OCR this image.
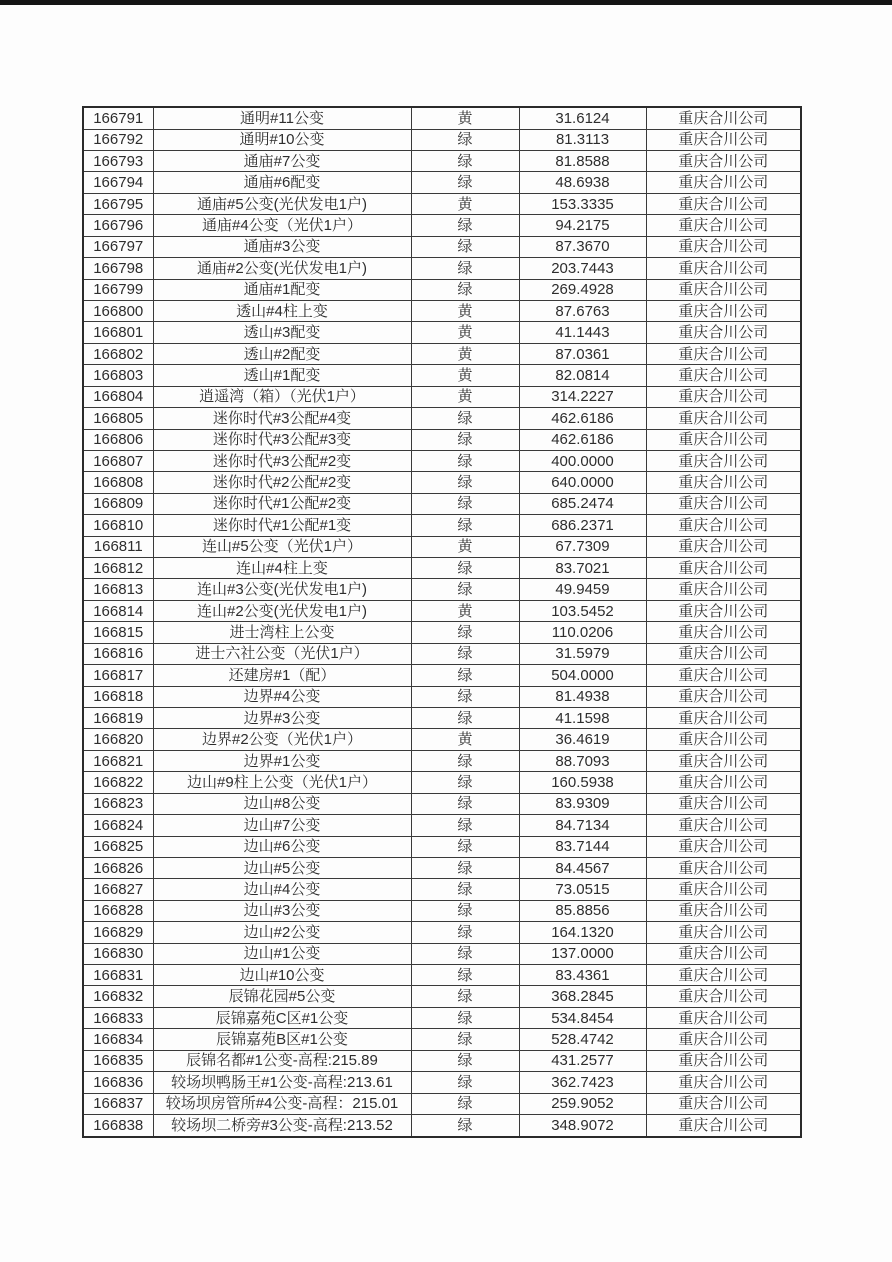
166791	通明#11公变	黄	31.6124	重庆合川公司
166792	通明#10公变	绿	81.3113	重庆合川公司
166793	通庙#7公变	绿	81.8588	重庆合川公司
166794	通庙#6配变	绿	48.6938	重庆合川公司
166795	通庙#5公变(光伏发电1户)	黄	153.3335	重庆合川公司
166796	通庙#4公变（光伏1户）	绿	94.2175	重庆合川公司
166797	通庙#3公变	绿	87.3670	重庆合川公司
166798	通庙#2公变(光伏发电1户)	绿	203.7443	重庆合川公司
166799	通庙#1配变	绿	269.4928	重庆合川公司
166800	透山#4柱上变	黄	87.6763	重庆合川公司
166801	透山#3配变	黄	41.1443	重庆合川公司
166802	透山#2配变	黄	87.0361	重庆合川公司
166803	透山#1配变	黄	82.0814	重庆合川公司
166804	逍遥湾（箱）（光伏1户）	黄	314.2227	重庆合川公司
166805	迷你时代#3公配#4变	绿	462.6186	重庆合川公司
166806	迷你时代#3公配#3变	绿	462.6186	重庆合川公司
166807	迷你时代#3公配#2变	绿	400.0000	重庆合川公司
166808	迷你时代#2公配#2变	绿	640.0000	重庆合川公司
166809	迷你时代#1公配#2变	绿	685.2474	重庆合川公司
166810	迷你时代#1公配#1变	绿	686.2371	重庆合川公司
166811	连山#5公变（光伏1户）	黄	67.7309	重庆合川公司
166812	连山#4柱上变	绿	83.7021	重庆合川公司
166813	连山#3公变(光伏发电1户)	绿	49.9459	重庆合川公司
166814	连山#2公变(光伏发电1户)	黄	103.5452	重庆合川公司
166815	进士湾柱上公变	绿	110.0206	重庆合川公司
166816	进士六社公变（光伏1户）	绿	31.5979	重庆合川公司
166817	还建房#1（配）	绿	504.0000	重庆合川公司
166818	边界#4公变	绿	81.4938	重庆合川公司
166819	边界#3公变	绿	41.1598	重庆合川公司
166820	边界#2公变（光伏1户）	黄	36.4619	重庆合川公司
166821	边界#1公变	绿	88.7093	重庆合川公司
166822	边山#9柱上公变（光伏1户）	绿	160.5938	重庆合川公司
166823	边山#8公变	绿	83.9309	重庆合川公司
166824	边山#7公变	绿	84.7134	重庆合川公司
166825	边山#6公变	绿	83.7144	重庆合川公司
166826	边山#5公变	绿	84.4567	重庆合川公司
166827	边山#4公变	绿	73.0515	重庆合川公司
166828	边山#3公变	绿	85.8856	重庆合川公司
166829	边山#2公变	绿	164.1320	重庆合川公司
166830	边山#1公变	绿	137.0000	重庆合川公司
166831	边山#10公变	绿	83.4361	重庆合川公司
166832	辰锦花园#5公变	绿	368.2845	重庆合川公司
166833	辰锦嘉苑C区#1公变	绿	534.8454	重庆合川公司
166834	辰锦嘉苑B区#1公变	绿	528.4742	重庆合川公司
166835	辰锦名都#1公变-高程:215.89	绿	431.2577	重庆合川公司
166836	较场坝鸭肠王#1公变-高程:213.61	绿	362.7423	重庆合川公司
166837	较场坝房管所#4公变-高程：215.01	绿	259.9052	重庆合川公司
166838	较场坝二桥旁#3公变-高程:213.52	绿	348.9072	重庆合川公司
